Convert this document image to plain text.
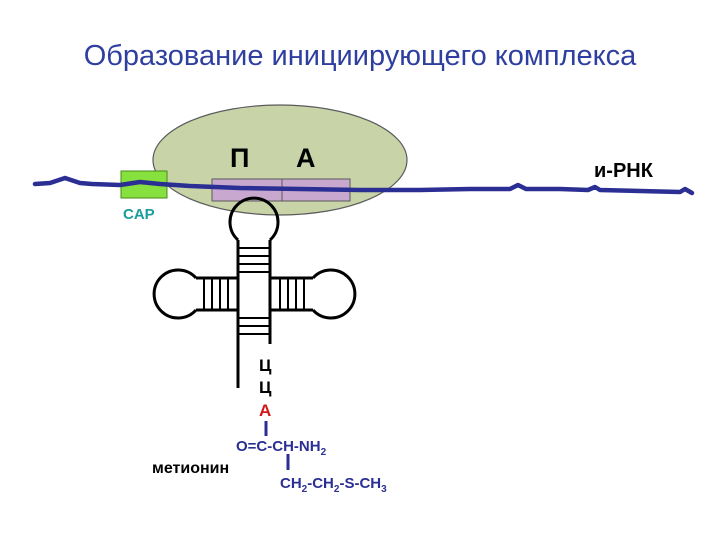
Образование инициирующего комплекса
П А	и-РНК
CAP
Ц
Ц
А
$O=C-CH-NH_2$
$CH_2-CH_2-S-CH_3$
метионин
